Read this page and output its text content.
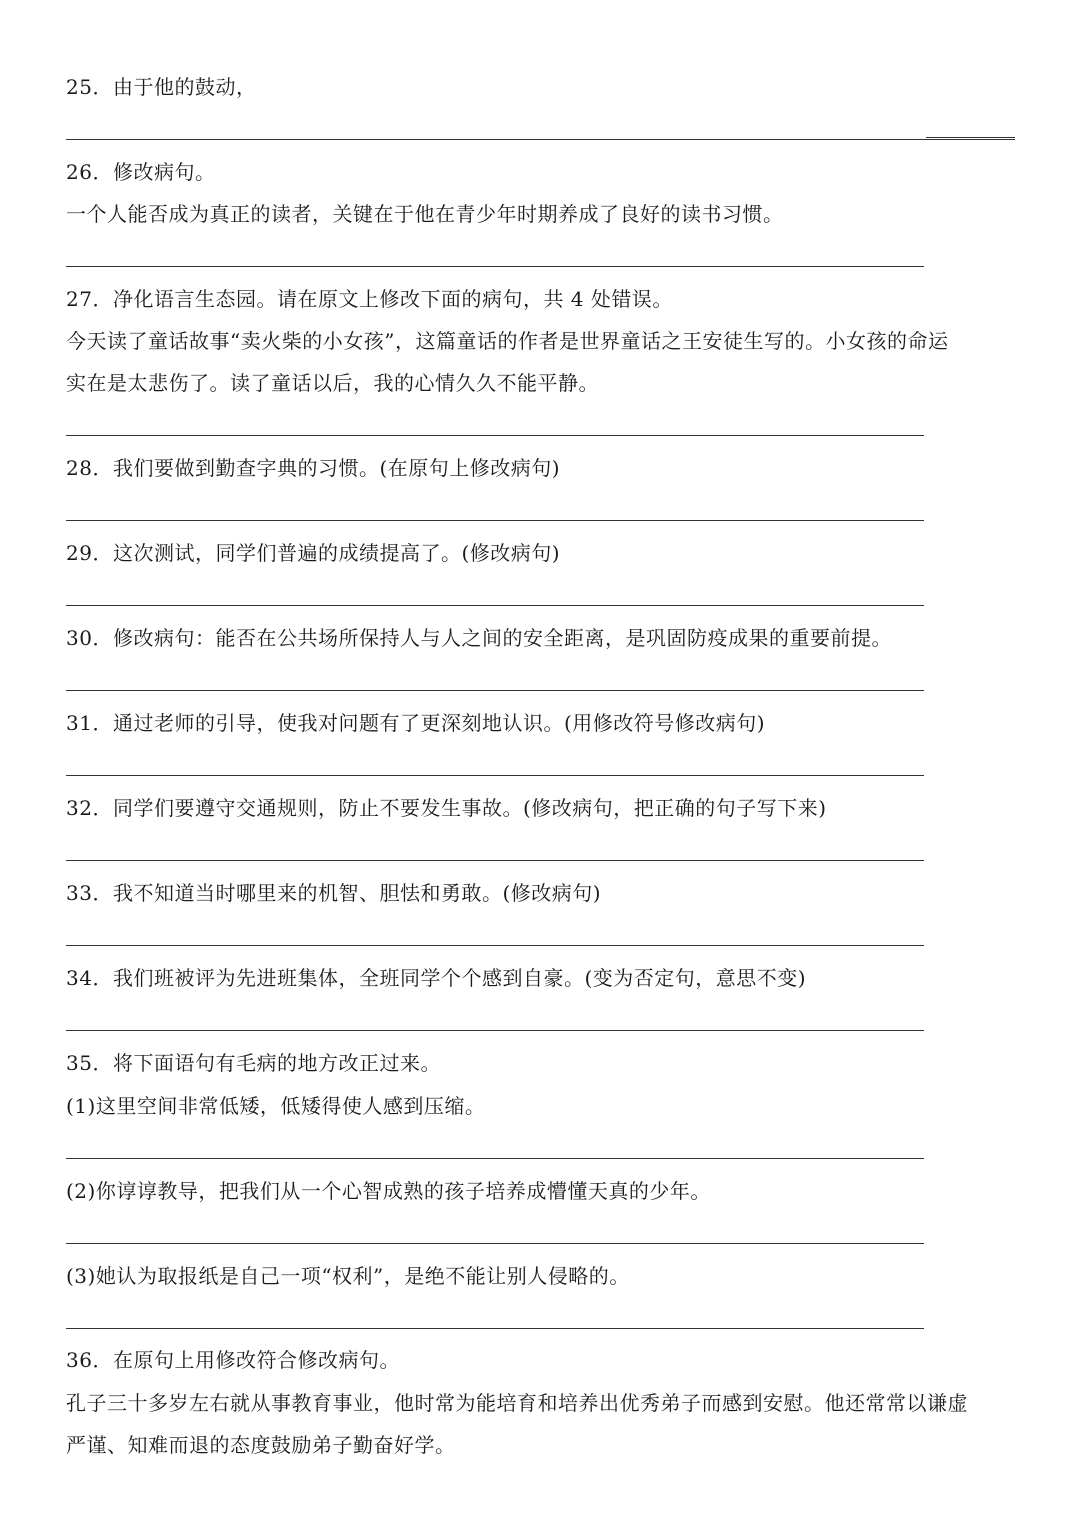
25．由于他的鼓动，
26．修改病句。
一个人能否成为真正的读者，关键在于他在青少年时期养成了良好的读书习惯。
27．净化语言生态园。请在原文上修改下面的病句，共 4 处错误。
今天读了童话故事“卖火柴的小女孩”，这篇童话的作者是世界童话之王安徒生写的。小女孩的命运
实在是太悲伤了。读了童话以后，我的心情久久不能平静。
28．我们要做到勤查字典的习惯。(在原句上修改病句)
29．这次测试，同学们普遍的成绩提高了。(修改病句)
30．修改病句：能否在公共场所保持人与人之间的安全距离，是巩固防疫成果的重要前提。
31．通过老师的引导，使我对问题有了更深刻地认识。(用修改符号修改病句)
32．同学们要遵守交通规则，防止不要发生事故。(修改病句，把正确的句子写下来)
33．我不知道当时哪里来的机智、胆怯和勇敢。(修改病句)
34．我们班被评为先进班集体，全班同学个个感到自豪。(变为否定句，意思不变)
35．将下面语句有毛病的地方改正过来。
(1)这里空间非常低矮，低矮得使人感到压缩。
(2)你谆谆教导，把我们从一个心智成熟的孩子培养成懵懂天真的少年。
(3)她认为取报纸是自己一项“权利”，是绝不能让别人侵略的。
36．在原句上用修改符合修改病句。
孔子三十多岁左右就从事教育事业，他时常为能培育和培养出优秀弟子而感到安慰。他还常常以谦虚
严谨、知难而退的态度鼓励弟子勤奋好学。
